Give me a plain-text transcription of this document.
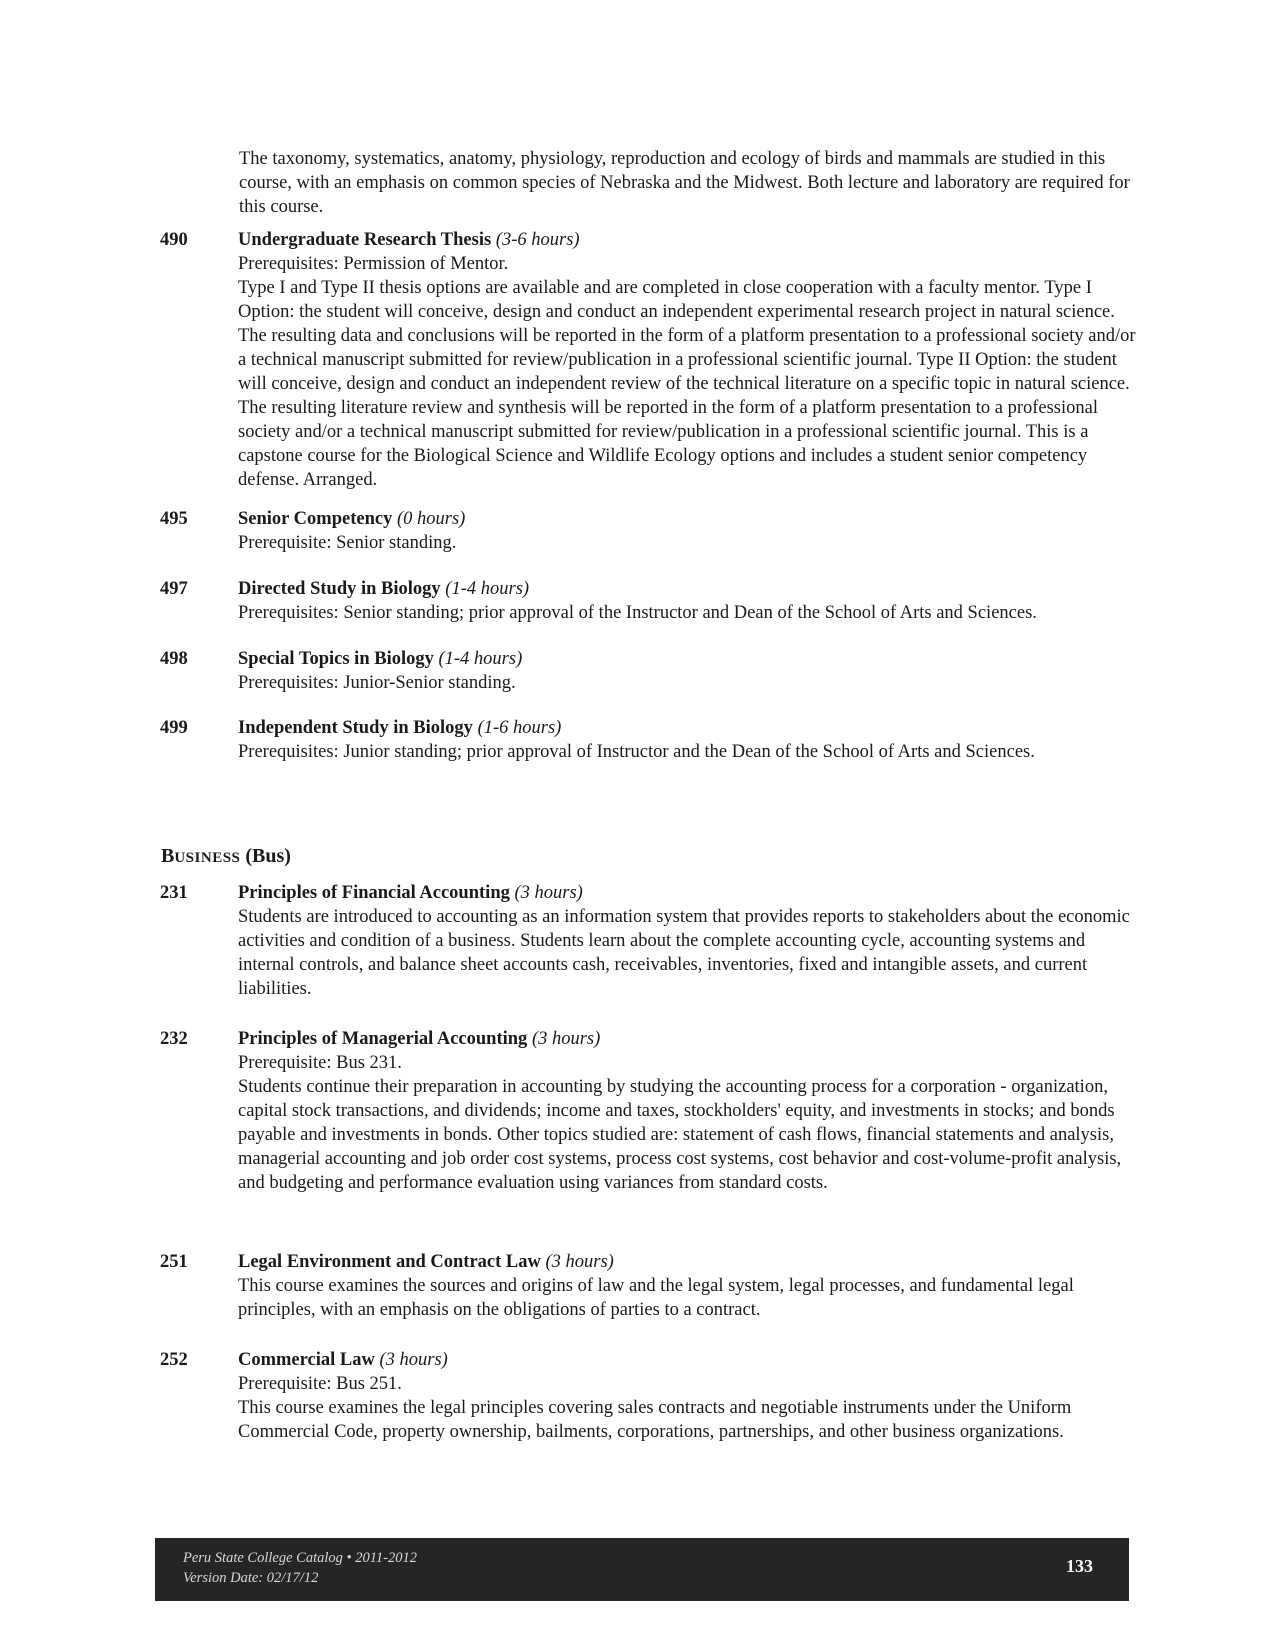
The taxonomy, systematics, anatomy, physiology, reproduction and ecology of birds and mammals are studied in this course, with an emphasis on common species of Nebraska and the Midwest. Both lecture and laboratory are required for this course.

490	Undergraduate Research Thesis (3-6 hours)

Prerequisites: Permission of Mentor.

Type I and Type II thesis options are available and are completed in close cooperation with a faculty mentor. Type I Option: the student will conceive, design and conduct an independent experimental research project in natural science. The resulting data and conclusions will be reported in the form of a platform presentation to a professional society and/or a technical manuscript submitted for review/publication in a professional scientific journal. Type II Option: the student will conceive, design and conduct an independent review of the technical literature on a specific topic in natural science. The resulting literature review and synthesis will be reported in the form of a platform presentation to a professional society and/or a technical manuscript submitted for review/publication in a professional scientific journal. This is a capstone course for the Biological Science and Wildlife Ecology options and includes a student senior competency defense. Arranged.

495	Senior Competency (0 hours)

Prerequisite: Senior standing.

497	Directed Study in Biology (1-4 hours)

Prerequisites: Senior standing; prior approval of the Instructor and Dean of the School of Arts and Sciences.

498	Special Topics in Biology (1-4 hours)

Prerequisites: Junior-Senior standing.

499	Independent Study in Biology (1-6 hours)

Prerequisites: Junior standing; prior approval of Instructor and the Dean of the School of Arts and Sciences.

BUSINESS (Bus)
231	Principles of Financial Accounting (3 hours)

Students are introduced to accounting as an information system that provides reports to stakeholders about the economic activities and condition of a business. Students learn about the complete accounting cycle, accounting systems and internal controls, and balance sheet accounts cash, receivables, inventories, fixed and intangible assets, and current liabilities.

232	Principles of Managerial Accounting (3 hours)

Prerequisite: Bus 231.

Students continue their preparation in accounting by studying the accounting process for a corporation - organization, capital stock transactions, and dividends; income and taxes, stockholders' equity, and investments in stocks; and bonds payable and investments in bonds. Other topics studied are: statement of cash flows, financial statements and analysis, managerial accounting and job order cost systems, process cost systems, cost behavior and cost-volume-profit analysis, and budgeting and performance evaluation using variances from standard costs.

251	Legal Environment and Contract Law (3 hours)

This course examines the sources and origins of law and the legal system, legal processes, and fundamental legal principles, with an emphasis on the obligations of parties to a contract.

252	Commercial Law (3 hours)

Prerequisite: Bus 251.

This course examines the legal principles covering sales contracts and negotiable instruments under the Uniform Commercial Code, property ownership, bailments, corporations, partnerships, and other business organizations.

Peru State College Catalog • 2011-2012
Version Date: 02/17/12
133
